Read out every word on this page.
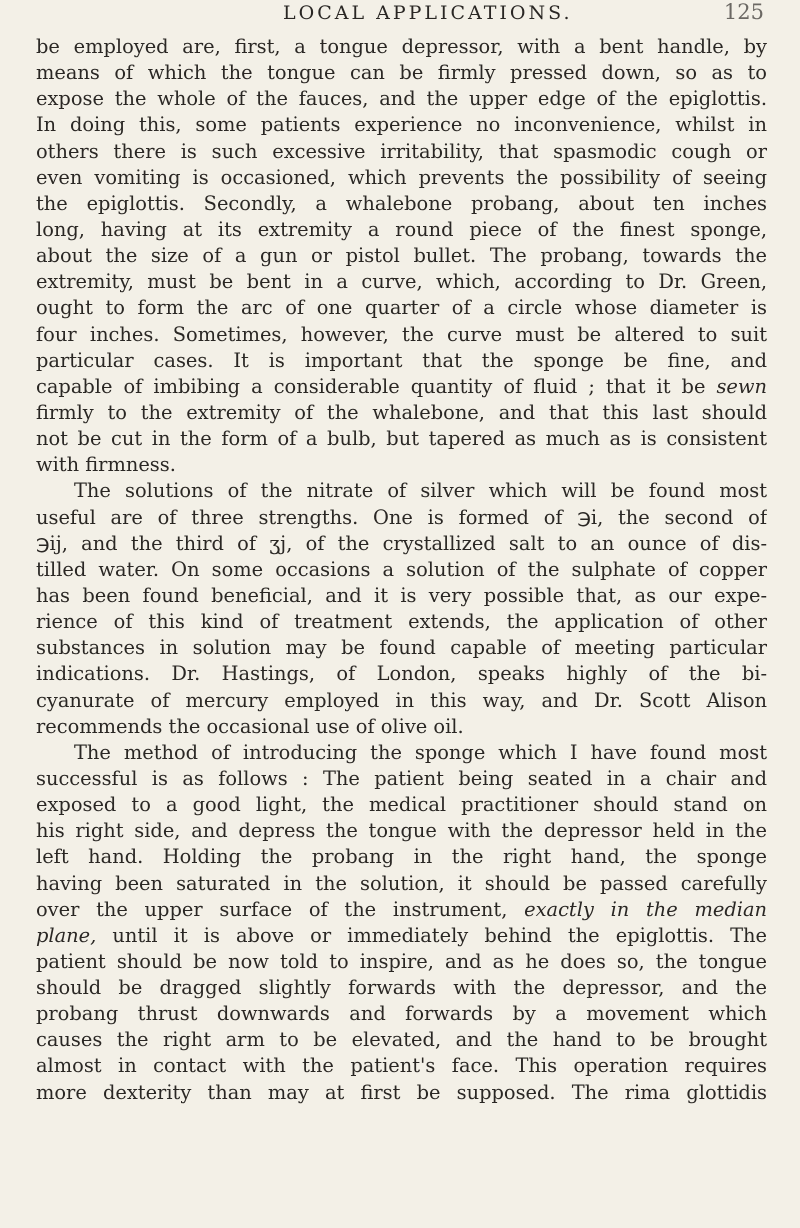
LOCAL APPLICATIONS.	125
be employed are, first, a tongue depressor, with a bent handle, by
means of which the tongue can be firmly pressed down, so as to
expose the whole of the fauces, and the upper edge of the epiglottis.
In doing this, some patients experience no inconvenience, whilst in
others there is such excessive irritability, that spasmodic cough or
even vomiting is occasioned, which prevents the possibility of seeing
the epiglottis. Secondly, a whalebone probang, about ten inches
long, having at its extremity a round piece of the finest sponge,
about the size of a gun or pistol bullet. The probang, towards the
extremity, must be bent in a curve, which, according to Dr. Green,
ought to form the arc of one quarter of a circle whose diameter is
four inches. Sometimes, however, the curve must be altered to suit
particular cases. It is important that the sponge be fine, and
capable of imbibing a considerable quantity of fluid ; that it be sewn
firmly to the extremity of the whalebone, and that this last should
not be cut in the form of a bulb, but tapered as much as is consistent
with firmness.
The solutions of the nitrate of silver which will be found most
useful are of three strengths. One is formed of ℈i, the second of
℈ij, and the third of ʒj, of the crystallized salt to an ounce of dis-
tilled water. On some occasions a solution of the sulphate of copper
has been found beneficial, and it is very possible that, as our expe-
rience of this kind of treatment extends, the application of other
substances in solution may be found capable of meeting particular
indications. Dr. Hastings, of London, speaks highly of the bi-
cyanurate of mercury employed in this way, and Dr. Scott Alison
recommends the occasional use of olive oil.
The method of introducing the sponge which I have found most
successful is as follows : The patient being seated in a chair and
exposed to a good light, the medical practitioner should stand on
his right side, and depress the tongue with the depressor held in the
left hand. Holding the probang in the right hand, the sponge
having been saturated in the solution, it should be passed carefully
over the upper surface of the instrument, exactly in the median
plane, until it is above or immediately behind the epiglottis. The
patient should be now told to inspire, and as he does so, the tongue
should be dragged slightly forwards with the depressor, and the
probang thrust downwards and forwards by a movement which
causes the right arm to be elevated, and the hand to be brought
almost in contact with the patient's face. This operation requires
more dexterity than may at first be supposed. The rima glottidis
